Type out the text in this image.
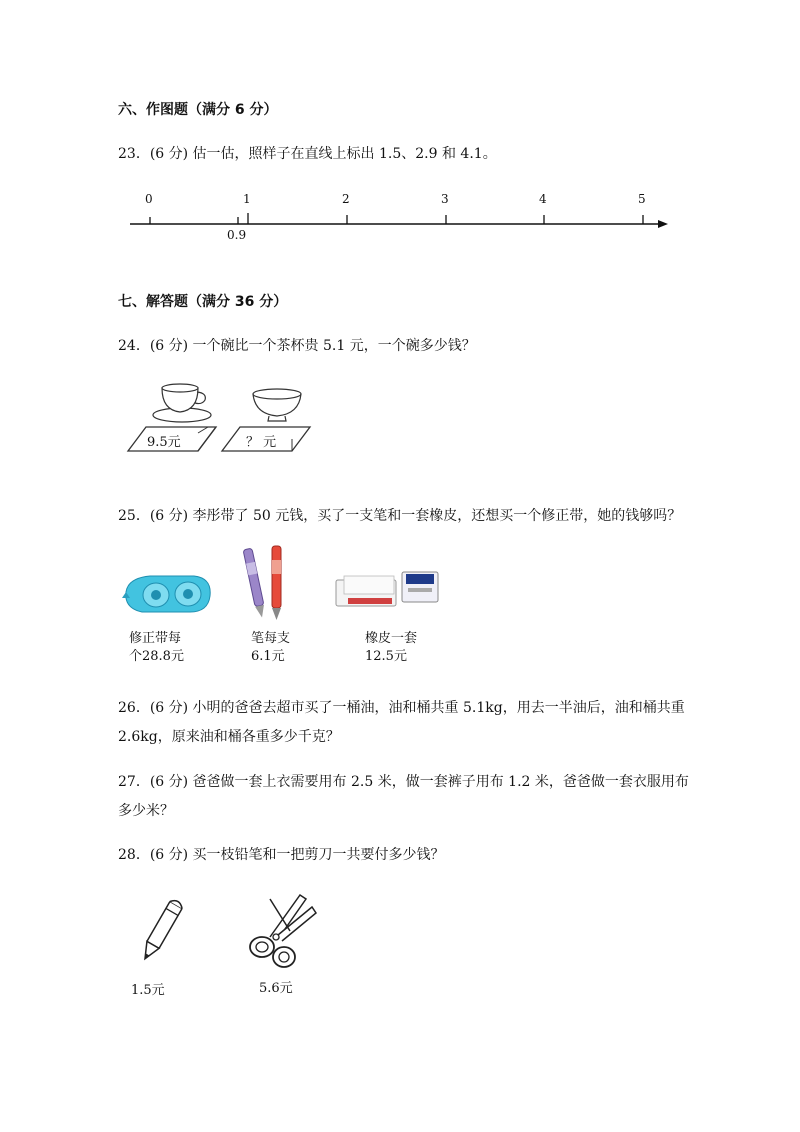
六、作图题（满分 6 分）
23．(6 分) 估一估，照样子在直线上标出 1.5、2.9 和 4.1。
0	1	2	3	4	5
0.9
七、解答题（满分 36 分）
24．(6 分) 一个碗比一个茶杯贵 5.1 元，一个碗多少钱？
9.5元	？ 元
25．(6 分) 李彤带了 50 元钱，买了一支笔和一套橡皮，还想买一个修正带，她的钱够吗？
修正带每
个28.8元
笔每支
6.1元
橡皮一套
12.5元
26．(6 分) 小明的爸爸去超市买了一桶油，油和桶共重 5.1kg，用去一半油后，油和桶共重
2.6kg，原来油和桶各重多少千克？
27．(6 分) 爸爸做一套上衣需要用布 2.5 米，做一套裤子用布 1.2 米，爸爸做一套衣服用布
多少米？
28．(6 分) 买一枝铅笔和一把剪刀一共要付多少钱？
1.5元	5.6元
